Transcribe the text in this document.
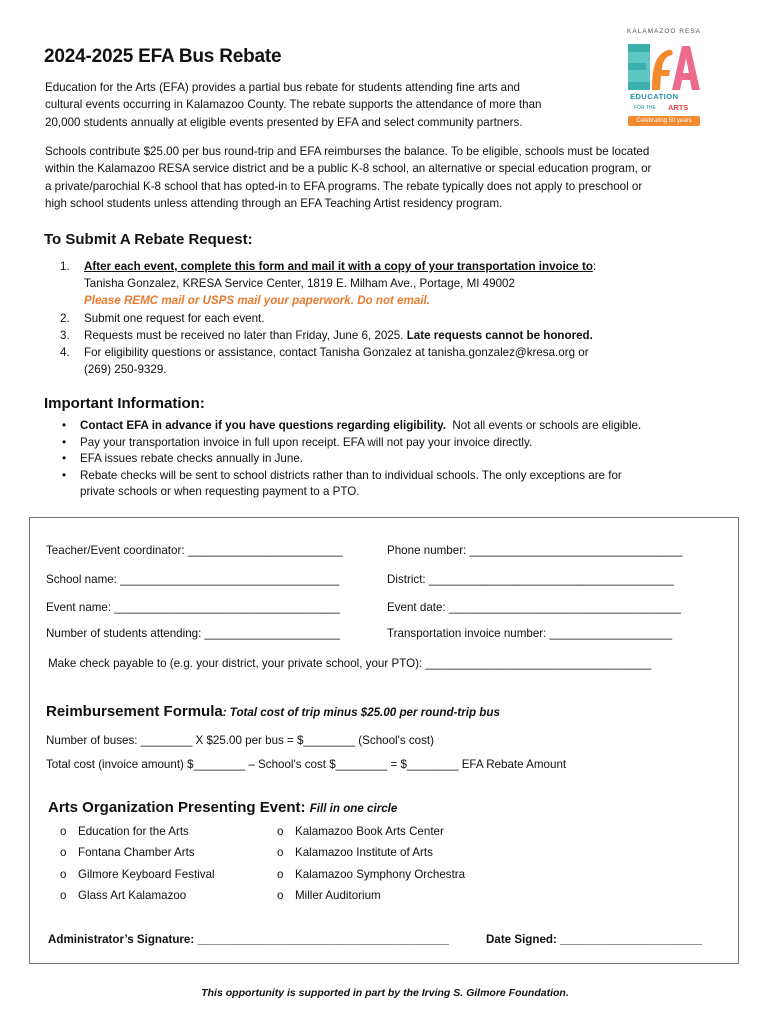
KALAMAZOO RESA
EDUCATION
FOR THE ARTS
Celebrating 50 years
2024-2025 EFA Bus Rebate
Education for the Arts (EFA) provides a partial bus rebate for students attending fine arts and
cultural events occurring in Kalamazoo County. The rebate supports the attendance of more than
20,000 students annually at eligible events presented by EFA and select community partners.
Schools contribute $25.00 per bus round-trip and EFA reimburses the balance. To be eligible, schools must be located
within the Kalamazoo RESA service district and be a public K-8 school, an alternative or special education program, or
a private/parochial K-8 school that has opted-in to EFA programs. The rebate typically does not apply to preschool or
high school students unless attending through an EFA Teaching Artist residency program.
To Submit A Rebate Request:
1. After each event, complete this form and mail it with a copy of your transportation invoice to:
Tanisha Gonzalez, KRESA Service Center, 1819 E. Milham Ave., Portage, MI 49002
Please REMC mail or USPS mail your paperwork. Do not email.
2. Submit one request for each event.
3. Requests must be received no later than Friday, June 6, 2025. Late requests cannot be honored.
4. For eligibility questions or assistance, contact Tanisha Gonzalez at tanisha.gonzalez@kresa.org or
(269) 250-9329.
Important Information:
• Contact EFA in advance if you have questions regarding eligibility. Not all events or schools are eligible.
• Pay your transportation invoice in full upon receipt. EFA will not pay your invoice directly.
• EFA issues rebate checks annually in June.
• Rebate checks will be sent to school districts rather than to individual schools. The only exceptions are for
private schools or when requesting payment to a PTO.
Teacher/Event coordinator: ________________________	Phone number: _________________________________
School name: __________________________________	District: ______________________________________
Event name: ___________________________________	Event date: ____________________________________
Number of students attending: _____________________	Transportation invoice number: ___________________
Make check payable to (e.g. your district, your private school, your PTO): ___________________________________
Reimbursement Formula: Total cost of trip minus $25.00 per round-trip bus
Number of buses: ________ X $25.00 per bus = $________ (School's cost)
Total cost (invoice amount) $________ – School's cost $________ = $________ EFA Rebate Amount
Arts Organization Presenting Event: Fill in one circle
o Education for the Arts
o Fontana Chamber Arts
o Gilmore Keyboard Festival
o Glass Art Kalamazoo
o Kalamazoo Book Arts Center
o Kalamazoo Institute of Arts
o Kalamazoo Symphony Orchestra
o Miller Auditorium
Administrator’s Signature: _______________________________________	Date Signed: ______________________
This opportunity is supported in part by the Irving S. Gilmore Foundation.
